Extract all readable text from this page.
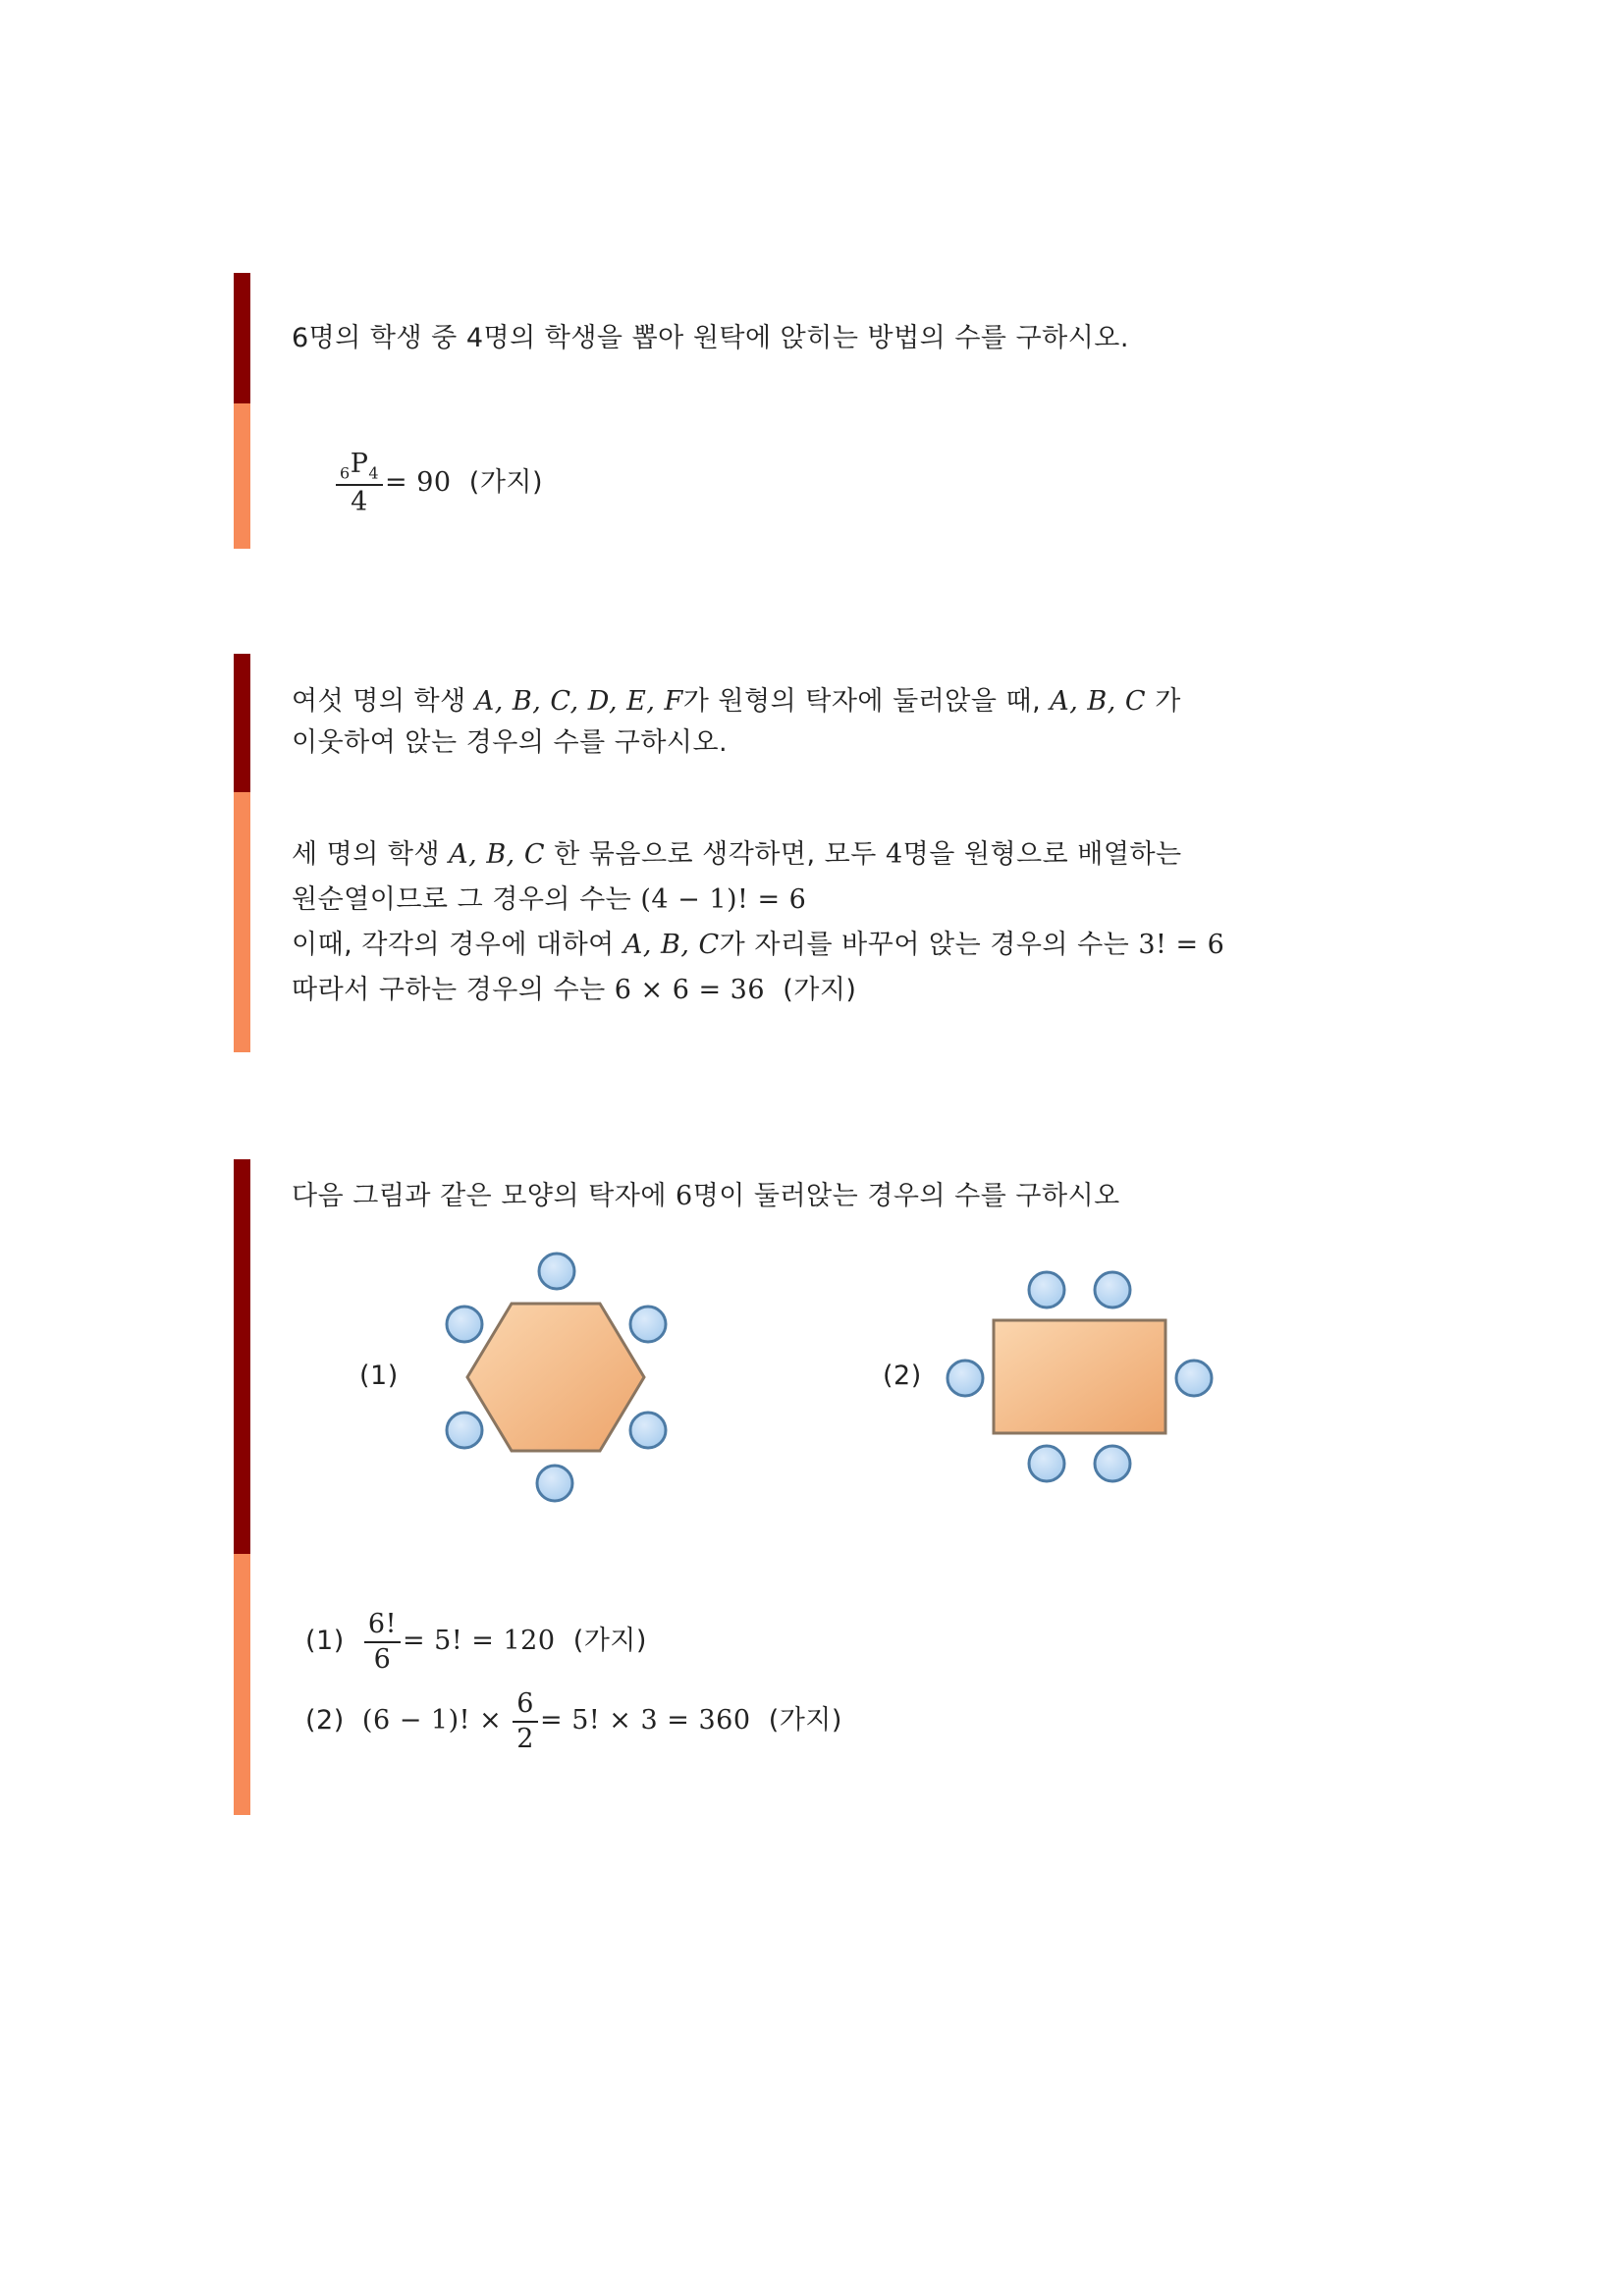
6명의 학생 중 4명의 학생을 뽑아 원탁에 앉히는 방법의 수를 구하시오.
$\frac{_6P_4}{4} = 90$ (가지)
여섯 명의 학생 A, B, C, D, E, F가 원형의 탁자에 둘러앉을 때, A, B, C 가
이웃하여 앉는 경우의 수를 구하시오.
세 명의 학생 A, B, C 한 묶음으로 생각하면, 모두 4명을 원형으로 배열하는
원순열이므로 그 경우의 수는 (4 − 1)! = 6
이때, 각각의 경우에 대하여 A, B, C가 자리를 바꾸어 앉는 경우의 수는 3! = 6
따라서 구하는 경우의 수는 6 × 6 = 36 (가지)
다음 그림과 같은 모양의 탁자에 6명이 둘러앉는 경우의 수를 구하시오
(1)	(2)
$(1) \frac{6!}{6} = 5$! = 120 (가지)
(2) (6 − 1)! × $\frac{6}{2} = 5$! × 3 = 360 (가지)
